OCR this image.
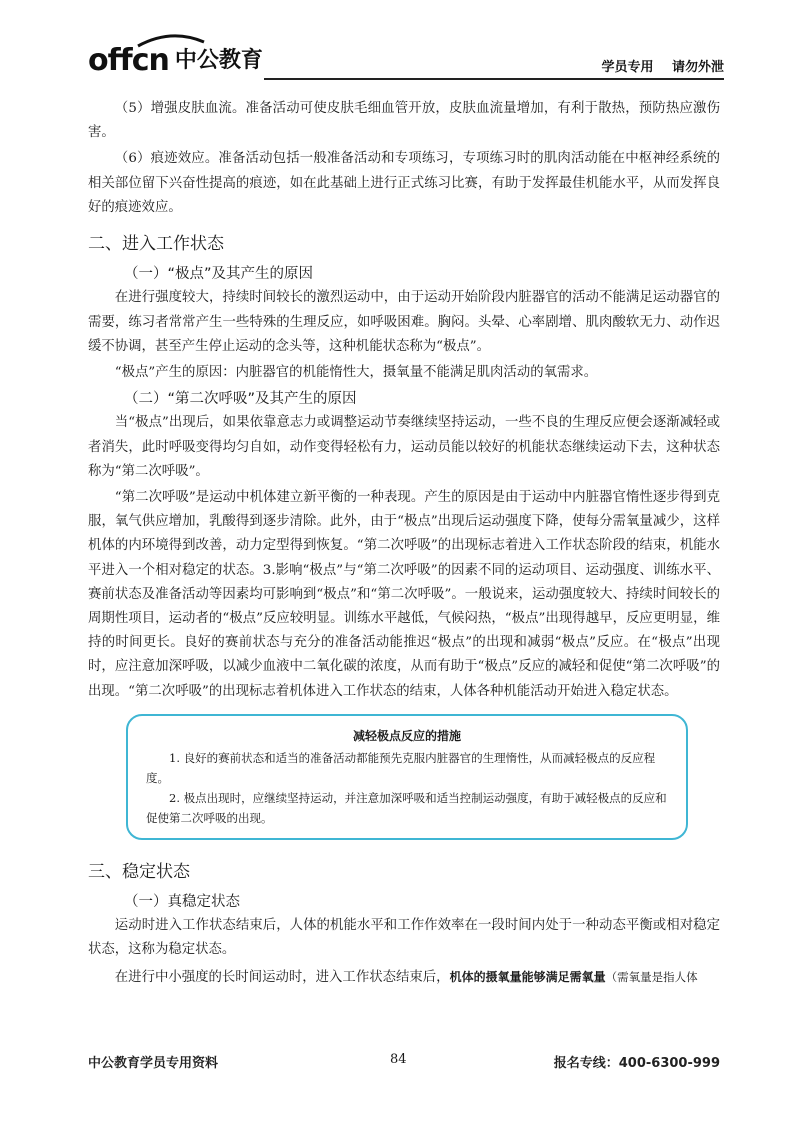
offcn 中公教育	学员专用 请勿外泄

（5）增强皮肤血流。准备活动可使皮肤毛细血管开放，皮肤血流量增加，有利于散热，预防热应激伤害。

（6）痕迹效应。准备活动包括一般准备活动和专项练习，专项练习时的肌肉活动能在中枢神经系统的相关部位留下兴奋性提高的痕迹，如在此基础上进行正式练习比赛，有助于发挥最佳机能水平，从而发挥良好的痕迹效应。

二、进入工作状态
（一）“极点”及其产生的原因

在进行强度较大，持续时间较长的激烈运动中，由于运动开始阶段内脏器官的活动不能满足运动器官的需要，练习者常常产生一些特殊的生理反应，如呼吸困难。胸闷。头晕、心率剧增、肌肉酸软无力、动作迟缓不协调，甚至产生停止运动的念头等，这种机能状态称为“极点”。

“极点”产生的原因：内脏器官的机能惰性大，摄氧量不能满足肌肉活动的氧需求。

（二）“第二次呼吸”及其产生的原因

当“极点”出现后，如果依靠意志力或调整运动节奏继续坚持运动，一些不良的生理反应便会逐渐减轻或者消失，此时呼吸变得均匀自如，动作变得轻松有力，运动员能以较好的机能状态继续运动下去，这种状态称为“第二次呼吸”。

“第二次呼吸”是运动中机体建立新平衡的一种表现。产生的原因是由于运动中内脏器官惰性逐步得到克服，氧气供应增加，乳酸得到逐步清除。此外，由于“极点”出现后运动强度下降，使每分需氧量减少，这样机体的内环境得到改善，动力定型得到恢复。“第二次呼吸”的出现标志着进入工作状态阶段的结束，机能水平进入一个相对稳定的状态。3.影响“极点”与“第二次呼吸”的因素不同的运动项目、运动强度、训练水平、赛前状态及准备活动等因素均可影响到“极点”和“第二次呼吸”。一般说来，运动强度较大、持续时间较长的周期性项目，运动者的“极点”反应较明显。训练水平越低，气候闷热，“极点”出现得越早，反应更明显，维持的时间更长。良好的赛前状态与充分的准备活动能推迟“极点”的出现和减弱“极点”反应。在“极点”出现时，应注意加深呼吸，以减少血液中二氧化碳的浓度，从而有助于“极点”反应的减轻和促使“第二次呼吸”的出现。“第二次呼吸”的出现标志着机体进入工作状态的结束，人体各种机能活动开始进入稳定状态。

减轻极点反应的措施

1. 良好的赛前状态和适当的准备活动都能预先克服内脏器官的生理惰性，从而减轻极点的反应程度。

2. 极点出现时，应继续坚持运动，并注意加深呼吸和适当控制运动强度，有助于减轻极点的反应和促使第二次呼吸的出现。

三、稳定状态
（一）真稳定状态

运动时进入工作状态结束后，人体的机能水平和工作作效率在一段时间内处于一种动态平衡或相对稳定状态，这称为稳定状态。

在进行中小强度的长时间运动时，进入工作状态结束后，机体的摄氧量能够满足需氧量（需氧量是指人体

中公教育学员专用资料	84	报名专线：400-6300-999
